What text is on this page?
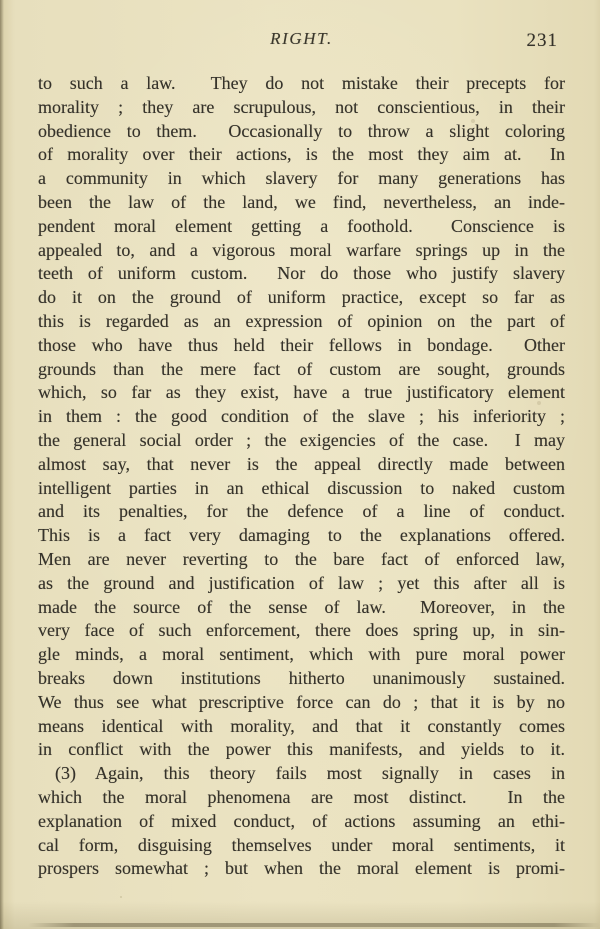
RIGHT.	231
to such a law.  They do not mistake their precepts for
morality ; they are scrupulous, not conscientious, in their
obedience to them.  Occasionally to throw a slight coloring
of morality over their actions, is the most they aim at.  In
a community in which slavery for many generations has
been the law of the land, we find, nevertheless, an inde-
pendent moral element getting a foothold.  Conscience is
appealed to, and a vigorous moral warfare springs up in the
teeth of uniform custom.  Nor do those who justify slavery
do it on the ground of uniform practice, except so far as
this is regarded as an expression of opinion on the part of
those who have thus held their fellows in bondage.  Other
grounds than the mere fact of custom are sought, grounds
which, so far as they exist, have a true justificatory element
in them : the good condition of the slave ; his inferiority ;
the general social order ; the exigencies of the case.  I may
almost say, that never is the appeal directly made between
intelligent parties in an ethical discussion to naked custom
and its penalties, for the defence of a line of conduct.
This is a fact very damaging to the explanations offered.
Men are never reverting to the bare fact of enforced law,
as the ground and justification of law ; yet this after all is
made the source of the sense of law.  Moreover, in the
very face of such enforcement, there does spring up, in sin-
gle minds, a moral sentiment, which with pure moral power
breaks down institutions hitherto unanimously sustained.
We thus see what prescriptive force can do ; that it is by no
means identical with morality, and that it constantly comes
in conflict with the power this manifests, and yields to it.
(3) Again, this theory fails most signally in cases in
which the moral phenomena are most distinct.  In the
explanation of mixed conduct, of actions assuming an ethi-
cal form, disguising themselves under moral sentiments, it
prospers somewhat ; but when the moral element is promi-
